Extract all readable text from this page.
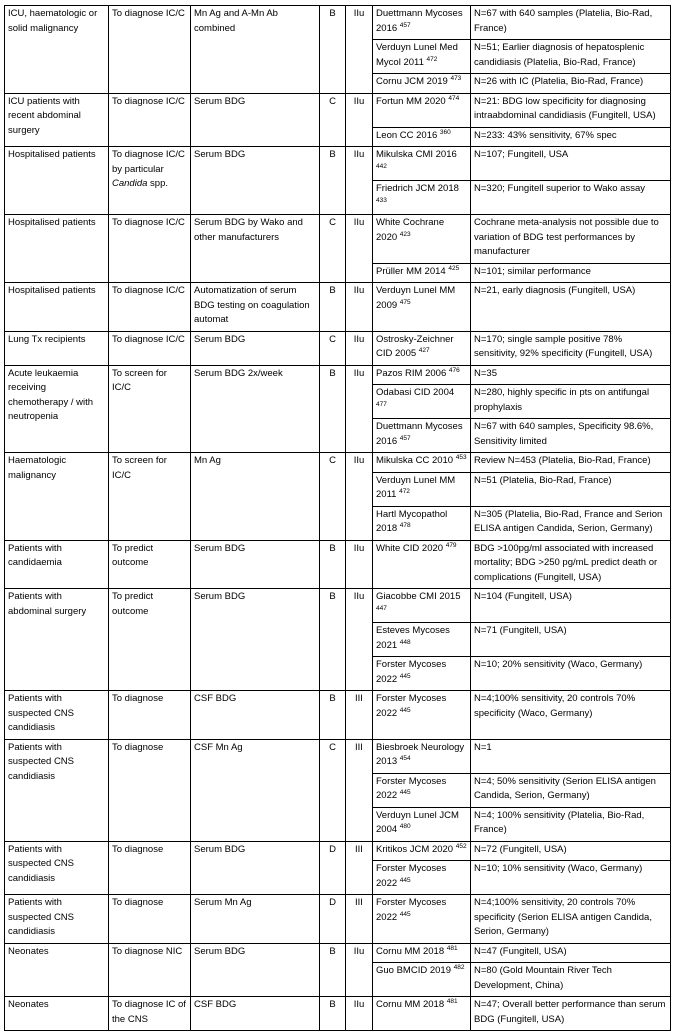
ICU, haematologic or solid malignancy	To diagnose IC/C	Mn Ag and A-Mn Ab combined	B	IIu	Duettmann Mycoses 2016 $^{457}$	N=67 with 640 samples (Platelia, Bio-Rad, France)
					Verduyn Lunel Med Mycol 2011 $^{472}$	N=51; Earlier diagnosis of hepatosplenic candidiasis (Platelia, Bio-Rad, France)
					Cornu JCM 2019 $^{473}$	N=26 with IC (Platelia, Bio-Rad, France)
ICU patients with recent abdominal surgery	To diagnose IC/C	Serum BDG	C	IIu	Fortun MM 2020 $^{474}$	N=21: BDG low specificity for diagnosing intraabdominal candidiasis (Fungitell, USA)
					Leon CC 2016 $^{360}$	N=233: 43% sensitivity, 67% spec
Hospitalised patients	To diagnose IC/C by particular Candida spp.	Serum BDG	B	IIu	Mikulska CMI 2016 $^{442}$	N=107; Fungitell, USA
					Friedrich JCM 2018 $^{433}$	N=320; Fungitell superior to Wako assay
Hospitalised patients	To diagnose IC/C	Serum BDG by Wako and other manufacturers	C	IIu	White Cochrane 2020 $^{423}$	Cochrane meta-analysis not possible due to variation of BDG test performances by manufacturer
					Prüller MM 2014 $^{425}$	N=101; similar performance
Hospitalised patients	To diagnose IC/C	Automatization of serum BDG testing on coagulation automat	B	IIu	Verduyn Lunel MM 2009 $^{475}$	N=21, early diagnosis (Fungitell, USA)
Lung Tx recipients	To diagnose IC/C	Serum BDG	C	IIu	Ostrosky-Zeichner CID 2005 $^{427}$	N=170; single sample positive 78% sensitivity, 92% specificity (Fungitell, USA)
Acute leukaemia receiving chemotherapy / with neutropenia	To screen for IC/C	Serum BDG 2x/week	B	IIu	Pazos RIM 2006 $^{476}$	N=35
					Odabasi CID 2004 $^{477}$	N=280, highly specific in pts on antifungal prophylaxis
					Duettmann Mycoses 2016 $^{457}$	N=67 with 640 samples, Specificity 98.6%, Sensitivity limited
Haematologic malignancy	To screen for IC/C	Mn Ag	C	IIu	Mikulska CC 2010 $^{453}$	Review N=453 (Platelia, Bio-Rad, France)
					Verduyn Lunel MM 2011 $^{472}$	N=51 (Platelia, Bio-Rad, France)
					Hartl Mycopathol 2018 $^{478}$	N=305 (Platelia, Bio-Rad, France and Serion ELISA antigen Candida, Serion, Germany)
Patients with candidaemia	To predict outcome	Serum BDG	B	IIu	White CID 2020 $^{479}$	BDG >100pg/ml associated with increased mortality; BDG >250 pg/mL predict death or complications (Fungitell, USA)
Patients with abdominal surgery	To predict outcome	Serum BDG	B	IIu	Giacobbe CMI 2015 $^{447}$	N=104 (Fungitell, USA)
					Esteves Mycoses 2021 $^{448}$	N=71 (Fungitell, USA)
					Forster Mycoses 2022 $^{445}$	N=10; 20% sensitivity (Waco, Germany)
Patients with suspected CNS candidiasis	To diagnose	CSF BDG	B	III	Forster Mycoses 2022 $^{445}$	N=4;100% sensitivity, 20 controls 70% specificity (Waco, Germany)
Patients with suspected CNS candidiasis	To diagnose	CSF Mn Ag	C	III	Biesbroek Neurology 2013 $^{454}$	N=1
					Forster Mycoses 2022 $^{445}$	N=4; 50% sensitivity (Serion ELISA antigen Candida, Serion, Germany)
					Verduyn Lunel JCM 2004 $^{480}$	N=4; 100% sensitivity (Platelia, Bio-Rad, France)
Patients with suspected CNS candidiasis	To diagnose	Serum BDG	D	III	Kritikos JCM 2020 $^{452}$	N=72 (Fungitell, USA)
					Forster Mycoses 2022 $^{445}$	N=10; 10% sensitivity (Waco, Germany)
Patients with suspected CNS candidiasis	To diagnose	Serum Mn Ag	D	III	Forster Mycoses 2022 $^{445}$	N=4;100% sensitivity, 20 controls 70% specificity (Serion ELISA antigen Candida, Serion, Germany)
Neonates	To diagnose NIC	Serum BDG	B	IIu	Cornu MM 2018 $^{481}$	N=47 (Fungitell, USA)
					Guo BMCID 2019 $^{482}$	N=80 (Gold Mountain River Tech Development, China)
Neonates	To diagnose IC of the CNS	CSF BDG	B	IIu	Cornu MM 2018 $^{481}$	N=47; Overall better performance than serum BDG (Fungitell, USA)
